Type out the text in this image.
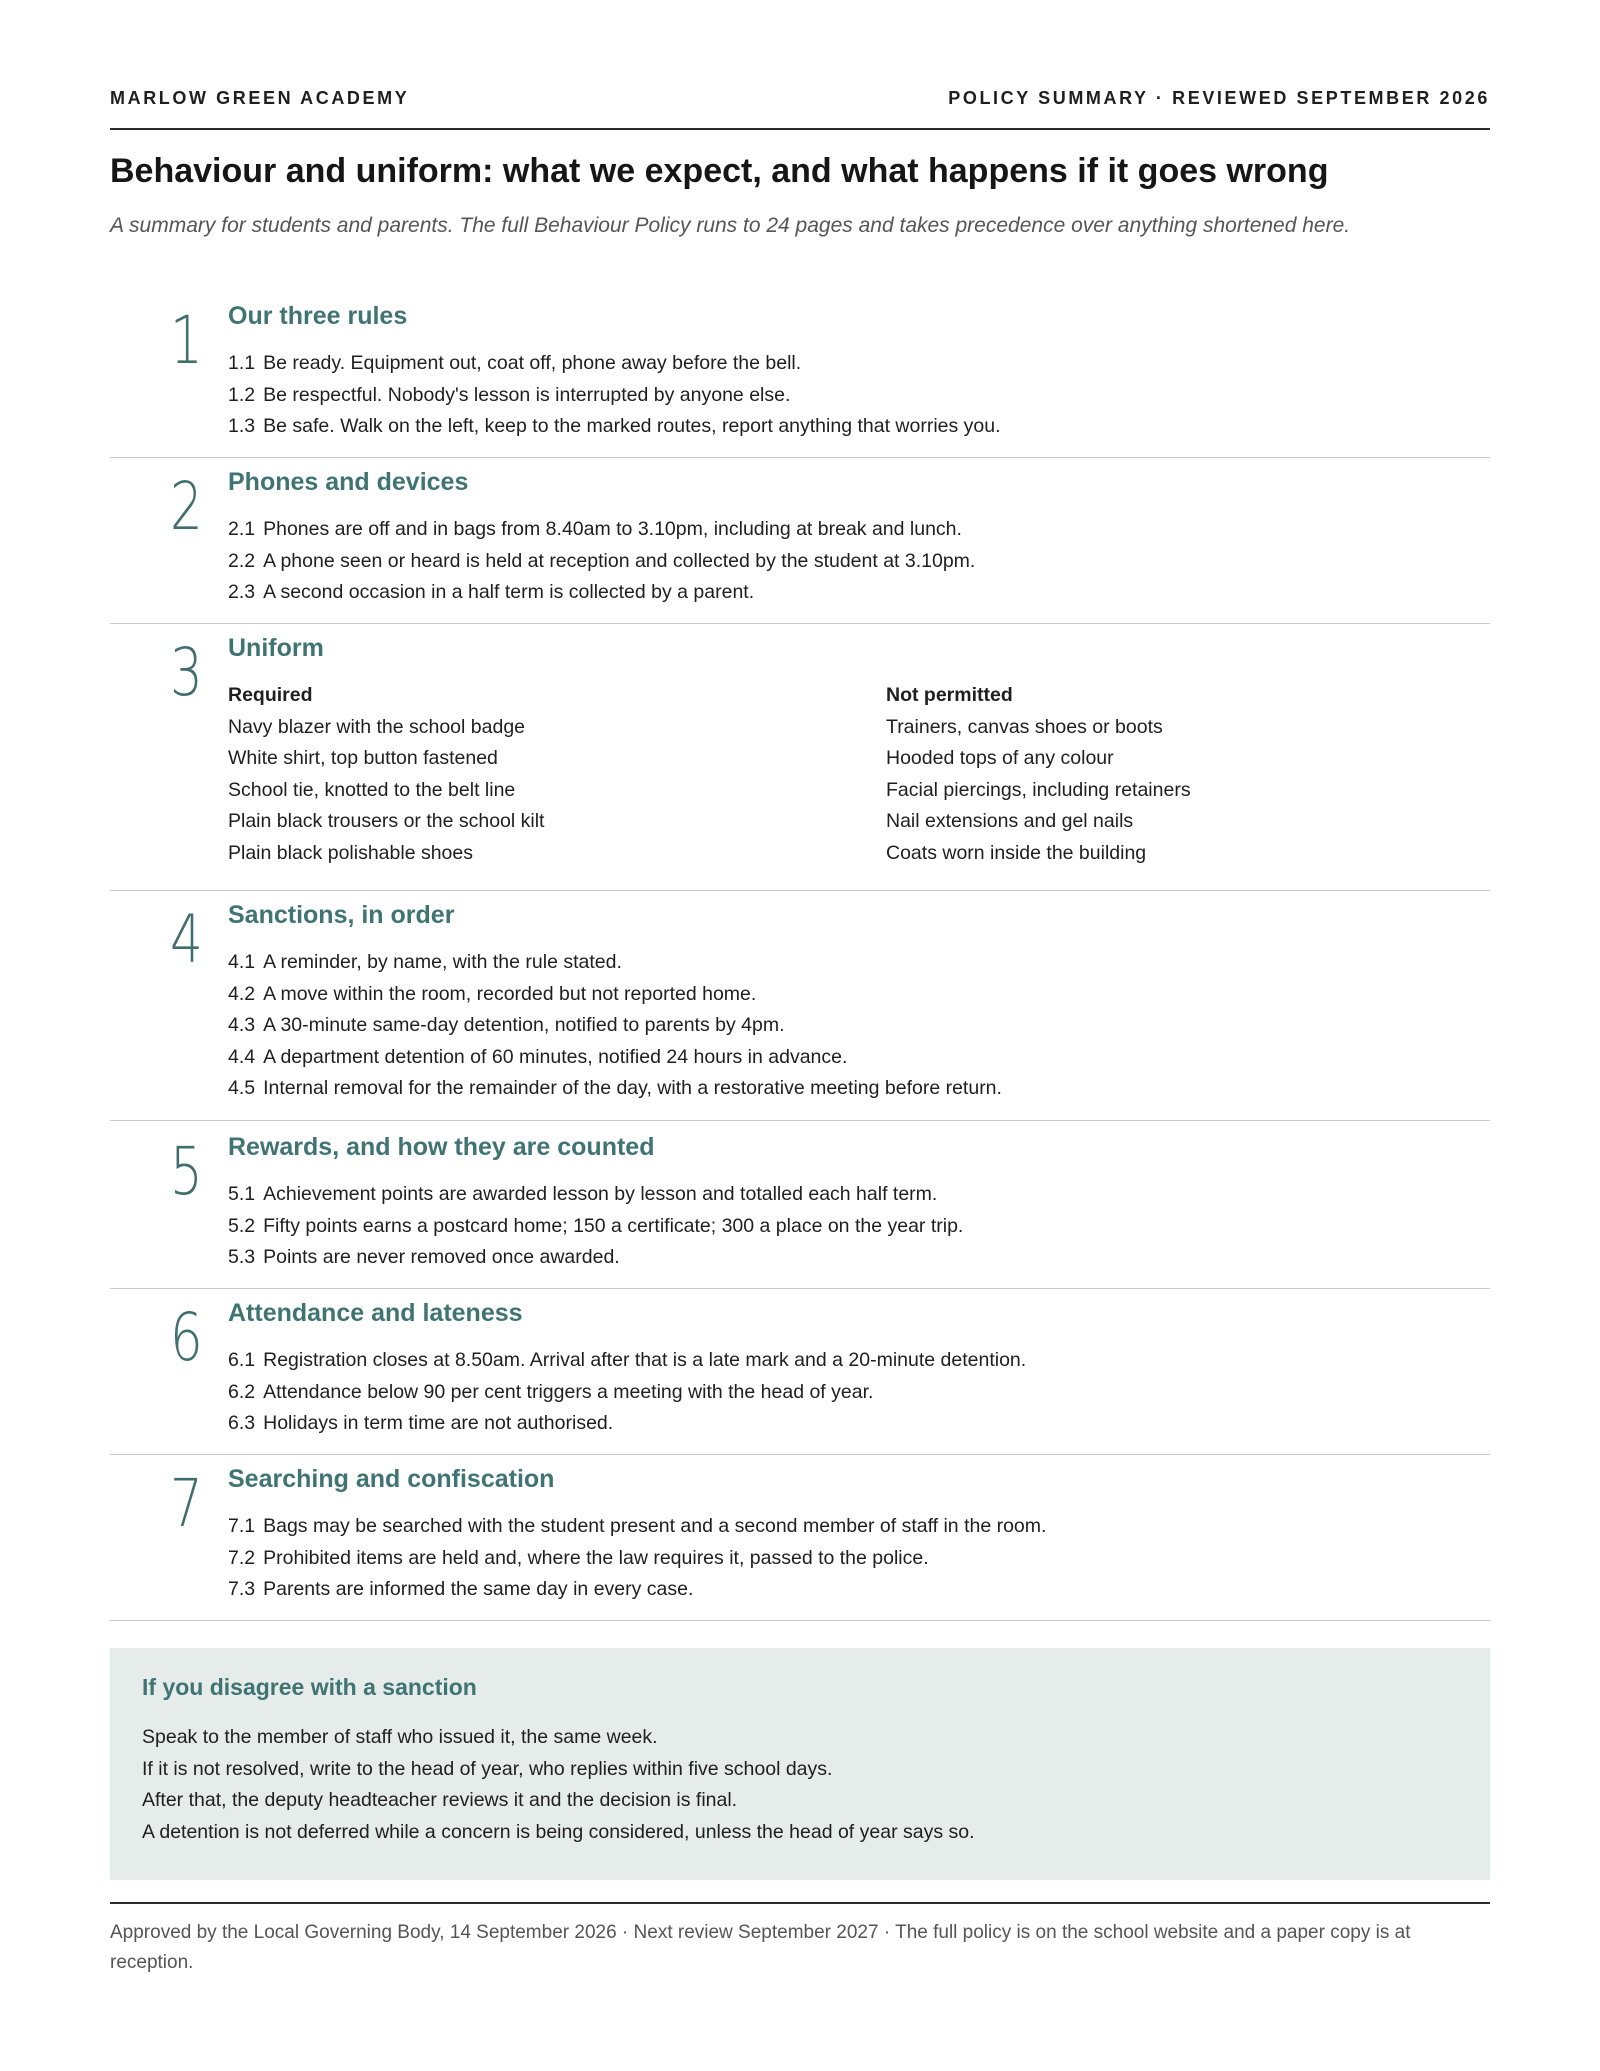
MARLOW GREEN ACADEMY	POLICY SUMMARY · REVIEWED SEPTEMBER 2026
Behaviour and uniform: what we expect, and what happens if it goes wrong

A summary for students and parents. The full Behaviour Policy runs to 24 pages and takes precedence over anything shortened here.

1 Our three rules
1.1 Be ready. Equipment out, coat off, phone away before the bell.
1.2 Be respectful. Nobody's lesson is interrupted by anyone else.
1.3 Be safe. Walk on the left, keep to the marked routes, report anything that worries you.
2 Phones and devices
2.1 Phones are off and in bags from 8.40am to 3.10pm, including at break and lunch.
2.2 A phone seen or heard is held at reception and collected by the student at 3.10pm.
2.3 A second occasion in a half term is collected by a parent.
3 Uniform
Required
Navy blazer with the school badge
White shirt, top button fastened
School tie, knotted to the belt line
Plain black trousers or the school kilt
Plain black polishable shoes
Not permitted
Trainers, canvas shoes or boots
Hooded tops of any colour
Facial piercings, including retainers
Nail extensions and gel nails
Coats worn inside the building
4 Sanctions, in order
4.1 A reminder, by name, with the rule stated.
4.2 A move within the room, recorded but not reported home.
4.3 A 30-minute same-day detention, notified to parents by 4pm.
4.4 A department detention of 60 minutes, notified 24 hours in advance.
4.5 Internal removal for the remainder of the day, with a restorative meeting before return.
5 Rewards, and how they are counted
5.1 Achievement points are awarded lesson by lesson and totalled each half term.
5.2 Fifty points earns a postcard home; 150 a certificate; 300 a place on the year trip.
5.3 Points are never removed once awarded.
6 Attendance and lateness
6.1 Registration closes at 8.50am. Arrival after that is a late mark and a 20-minute detention.
6.2 Attendance below 90 per cent triggers a meeting with the head of year.
6.3 Holidays in term time are not authorised.
7 Searching and confiscation
7.1 Bags may be searched with the student present and a second member of staff in the room.
7.2 Prohibited items are held and, where the law requires it, passed to the police.
7.3 Parents are informed the same day in every case.
If you disagree with a sanction
Speak to the member of staff who issued it, the same week.
If it is not resolved, write to the head of year, who replies within five school days.
After that, the deputy headteacher reviews it and the decision is final.
A detention is not deferred while a concern is being considered, unless the head of year says so.
Approved by the Local Governing Body, 14 September 2026 · Next review September 2027 · The full policy is on the school website and a paper copy is at reception.
